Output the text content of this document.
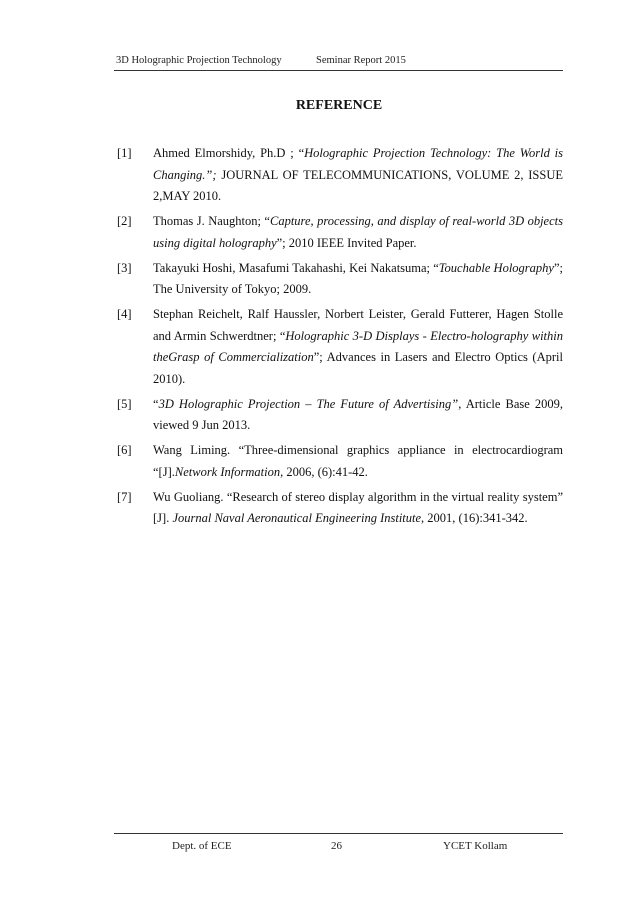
3D Holographic Projection Technology	Seminar Report 2015
REFERENCE
[1] Ahmed Elmorshidy, Ph.D ; “Holographic Projection Technology: The World is Changing.”; JOURNAL OF TELECOMMUNICATIONS, VOLUME 2, ISSUE 2,MAY 2010.
[2] Thomas J. Naughton; “Capture, processing, and display of real-world 3D objects using digital holography”; 2010 IEEE Invited Paper.
[3] Takayuki Hoshi, Masafumi Takahashi, Kei Nakatsuma; “Touchable Holography”; The University of Tokyo; 2009.
[4] Stephan Reichelt, Ralf Haussler, Norbert Leister, Gerald Futterer, Hagen Stolle and Armin Schwerdtner; “Holographic 3-D Displays - Electro-holography within theGrasp of Commercialization”; Advances in Lasers and Electro Optics (April 2010).
[5] “3D Holographic Projection – The Future of Advertising”, Article Base 2009, viewed 9 Jun 2013.
[6] Wang Liming. “Three-dimensional graphics appliance in electrocardiogram “[J].Network Information, 2006, (6):41-42.
[7] Wu Guoliang. “Research of stereo display algorithm in the virtual reality system” [J]. Journal Naval Aeronautical Engineering Institute, 2001, (16):341-342.
Dept. of ECE	26	YCET Kollam
